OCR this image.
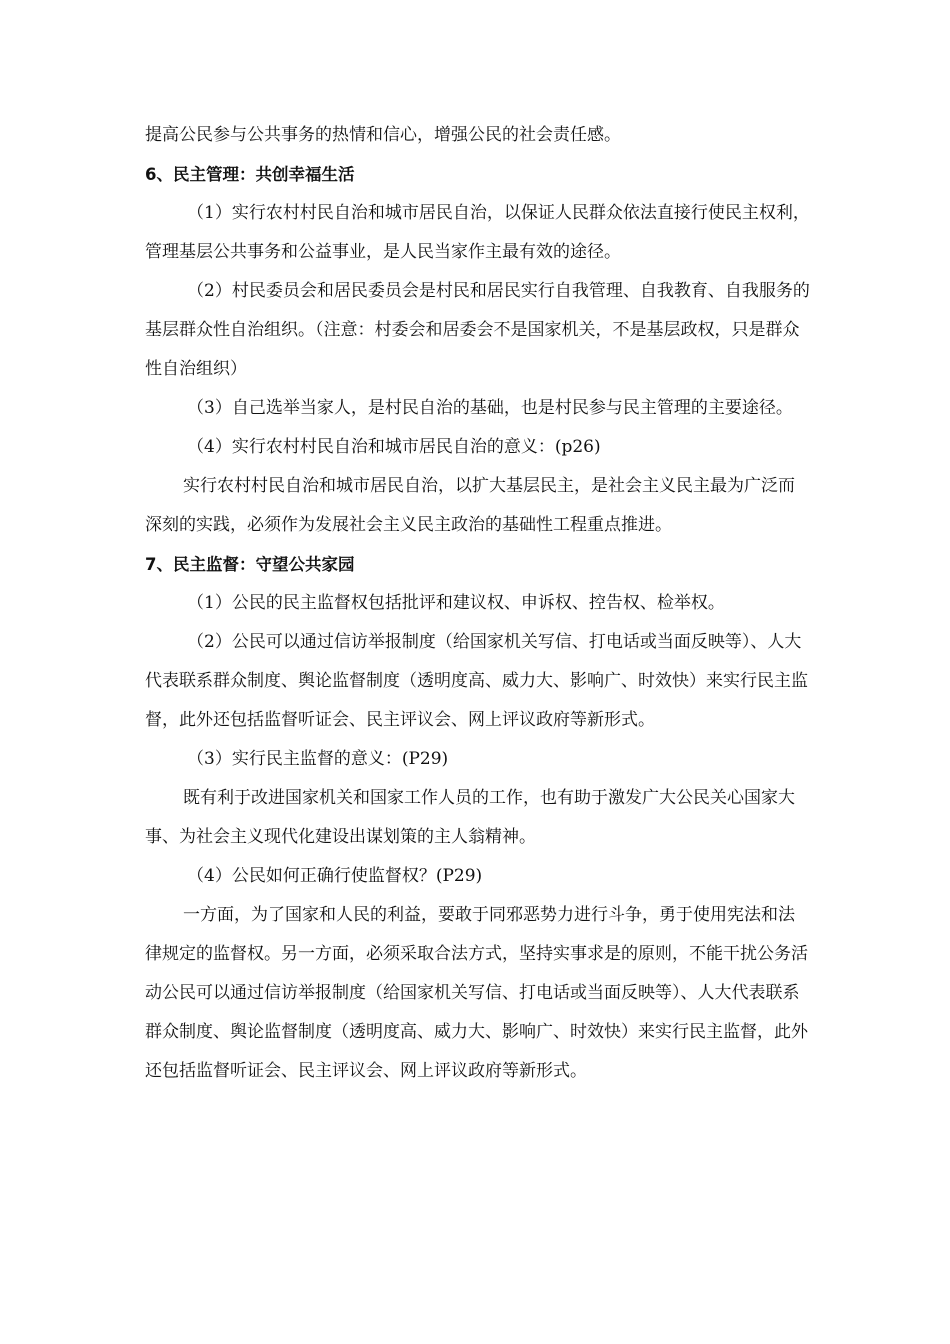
提高公民参与公共事务的热情和信心，增强公民的社会责任感。

6、民主管理：共创幸福生活

（1）实行农村村民自治和城市居民自治，以保证人民群众依法直接行使民主权利，管理基层公共事务和公益事业，是人民当家作主最有效的途径。

（2）村民委员会和居民委员会是村民和居民实行自我管理、自我教育、自我服务的基层群众性自治组织。（注意：村委会和居委会不是国家机关，不是基层政权，只是群众性自治组织）

（3）自己选举当家人，是村民自治的基础，也是村民参与民主管理的主要途径。

（4）实行农村村民自治和城市居民自治的意义：(p26)

实行农村村民自治和城市居民自治，以扩大基层民主，是社会主义民主最为广泛而深刻的实践，必须作为发展社会主义民主政治的基础性工程重点推进。

7、民主监督：守望公共家园

（1）公民的民主监督权包括批评和建议权、申诉权、控告权、检举权。

（2）公民可以通过信访举报制度（给国家机关写信、打电话或当面反映等）、人大代表联系群众制度、舆论监督制度（透明度高、威力大、影响广、时效快）来实行民主监督，此外还包括监督听证会、民主评议会、网上评议政府等新形式。

（3）实行民主监督的意义：(P29)

既有利于改进国家机关和国家工作人员的工作，也有助于激发广大公民关心国家大事、为社会主义现代化建设出谋划策的主人翁精神。

（4）公民如何正确行使监督权？(P29)

一方面，为了国家和人民的利益，要敢于同邪恶势力进行斗争，勇于使用宪法和法律规定的监督权。另一方面，必须采取合法方式，坚持实事求是的原则，不能干扰公务活动公民可以通过信访举报制度（给国家机关写信、打电话或当面反映等）、人大代表联系群众制度、舆论监督制度（透明度高、威力大、影响广、时效快）来实行民主监督，此外还包括监督听证会、民主评议会、网上评议政府等新形式。
